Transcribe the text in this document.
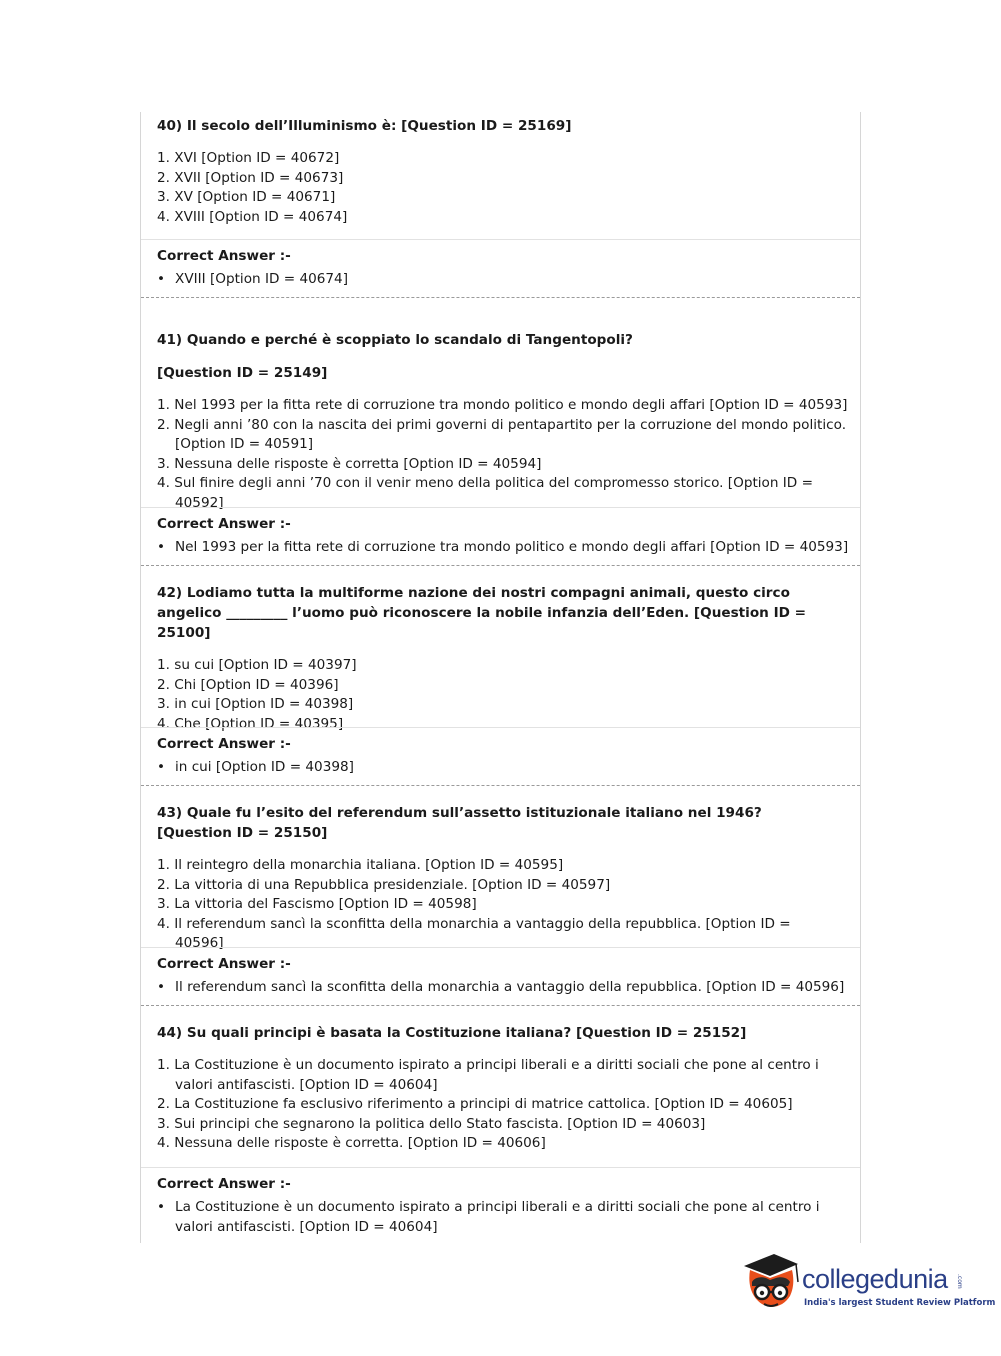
40) Il secolo dell’Illuminismo è: [Question ID = 25169]

1. XVI [Option ID = 40672]
2. XVII [Option ID = 40673]
3. XV [Option ID = 40671]
4. XVIII [Option ID = 40674]

Correct Answer :-

• XVIII [Option ID = 40674]

41) Quando e perché è scoppiato lo scandalo di Tangentopoli?

[Question ID = 25149]

1. Nel 1993 per la fitta rete di corruzione tra mondo politico e mondo degli affari [Option ID = 40593]
2. Negli anni ’80 con la nascita dei primi governi di pentapartito per la corruzione del mondo politico. [Option ID = 40591]
3. Nessuna delle risposte è corretta [Option ID = 40594]
4. Sul finire degli anni ’70 con il venir meno della politica del compromesso storico. [Option ID = 40592]

Correct Answer :-

• Nel 1993 per la fitta rete di corruzione tra mondo politico e mondo degli affari [Option ID = 40593]

42) Lodiamo tutta la multiforme nazione dei nostri compagni animali, questo circo angelico _________ l’uomo può riconoscere la nobile infanzia dell’Eden. [Question ID = 25100]

1. su cui [Option ID = 40397]
2. Chi [Option ID = 40396]
3. in cui [Option ID = 40398]
4. Che [Option ID = 40395]

Correct Answer :-

• in cui [Option ID = 40398]

43) Quale fu l’esito del referendum sull’assetto istituzionale italiano nel 1946? [Question ID = 25150]

1. Il reintegro della monarchia italiana. [Option ID = 40595]
2. La vittoria di una Repubblica presidenziale. [Option ID = 40597]
3. La vittoria del Fascismo [Option ID = 40598]
4. Il referendum sancì la sconfitta della monarchia a vantaggio della repubblica. [Option ID = 40596]

Correct Answer :-

• Il referendum sancì la sconfitta della monarchia a vantaggio della repubblica. [Option ID = 40596]

44) Su quali principi è basata la Costituzione italiana? [Question ID = 25152]

1. La Costituzione è un documento ispirato a principi liberali e a diritti sociali che pone al centro i valori antifascisti. [Option ID = 40604]
2. La Costituzione fa esclusivo riferimento a principi di matrice cattolica. [Option ID = 40605]
3. Sui principi che segnarono la politica dello Stato fascista. [Option ID = 40603]
4. Nessuna delle risposte è corretta. [Option ID = 40606]

Correct Answer :-

• La Costituzione è un documento ispirato a principi liberali e a diritti sociali che pone al centro i valori antifascisti. [Option ID = 40604]

collegedunia .com
India's largest Student Review Platform
